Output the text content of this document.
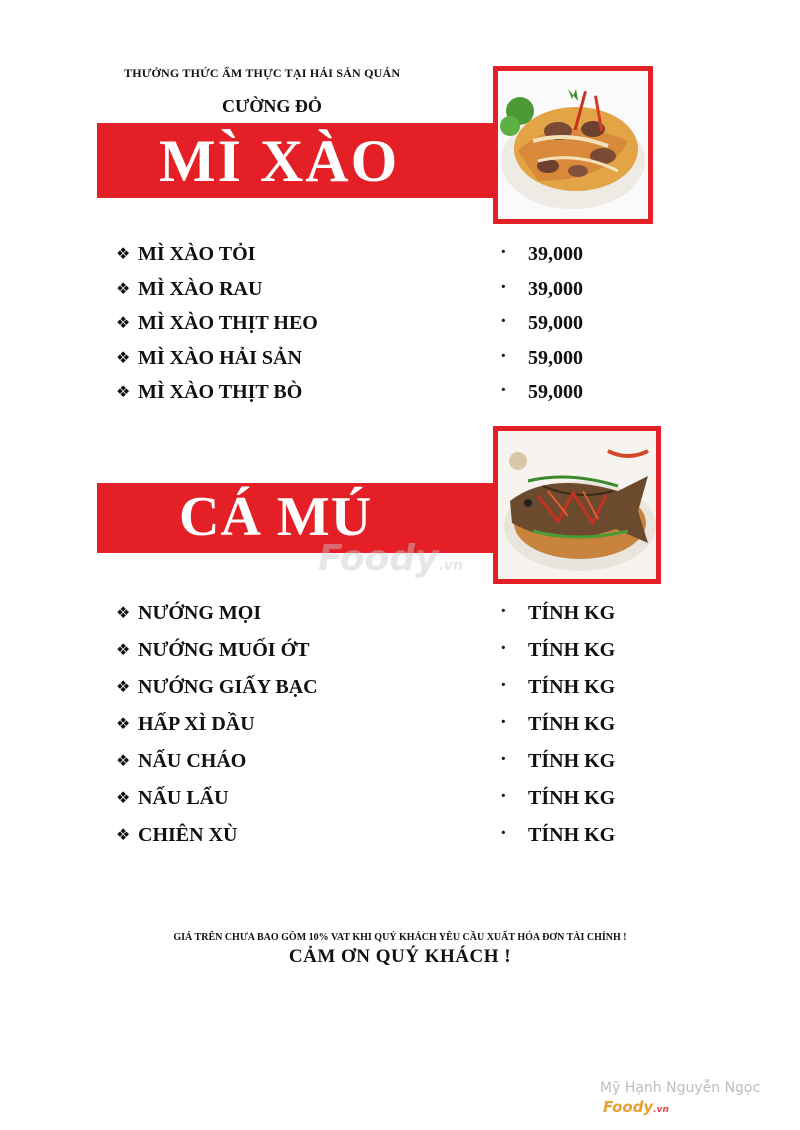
THƯỞNG THỨC ẨM THỰC TẠI HẢI SẢN QUÁN
CƯỜNG ĐỎ
MÌ XÀO
❖ MÌ XÀO TỎI	· 39,000
❖ MÌ XÀO RAU	· 39,000
❖ MÌ XÀO THỊT HEO	· 59,000
❖ MÌ XÀO HẢI SẢN	· 59,000
❖ MÌ XÀO THỊT BÒ	· 59,000
CÁ MÚ
Foody.vn
❖ NƯỚNG MỌI	· TÍNH KG
❖ NƯỚNG MUỐI ỚT	· TÍNH KG
❖ NƯỚNG GIẤY BẠC	· TÍNH KG
❖ HẤP XÌ DẦU	· TÍNH KG
❖ NẤU CHÁO	· TÍNH KG
❖ NẤU LẨU	· TÍNH KG
❖ CHIÊN XÙ	· TÍNH KG
GIÁ TRÊN CHƯA BAO GỒM 10% VAT KHI QUÝ KHÁCH YÊU CẦU XUẤT HÓA ĐƠN TÀI CHÍNH !
CẢM ƠN QUÝ KHÁCH !
Mỹ Hạnh Nguyễn Ngọc
Foody.vn
